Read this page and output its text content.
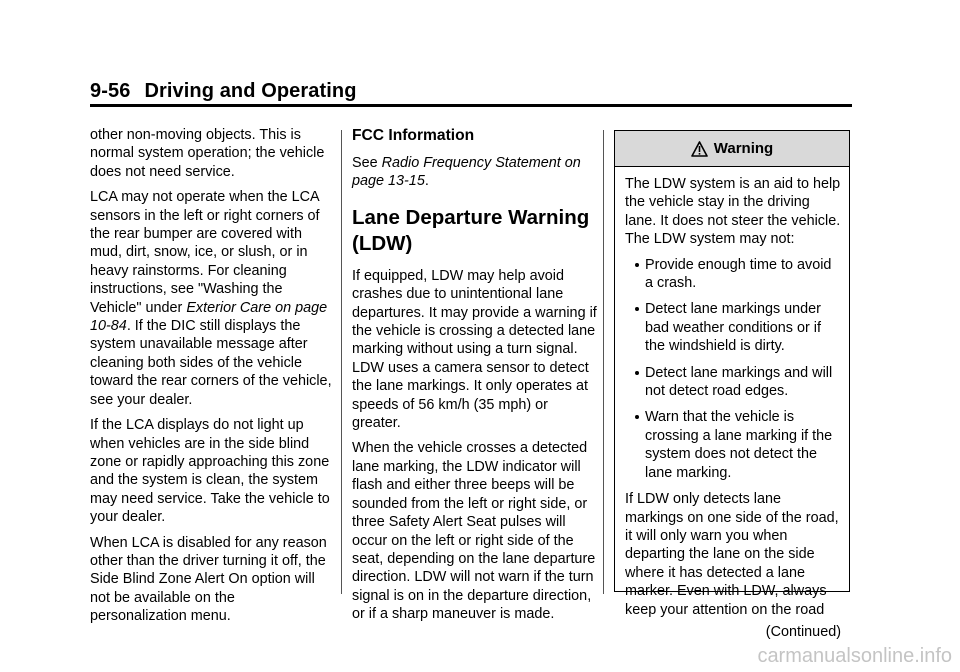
9-56 Driving and Operating

other non-moving objects. This is normal system operation; the vehicle does not need service.

LCA may not operate when the LCA sensors in the left or right corners of the rear bumper are covered with mud, dirt, snow, ice, or slush, or in heavy rainstorms. For cleaning instructions, see "Washing the Vehicle" under Exterior Care on page 10-84. If the DIC still displays the system unavailable message after cleaning both sides of the vehicle toward the rear corners of the vehicle, see your dealer.

If the LCA displays do not light up when vehicles are in the side blind zone or rapidly approaching this zone and the system is clean, the system may need service. Take the vehicle to your dealer.

When LCA is disabled for any reason other than the driver turning it off, the Side Blind Zone Alert On option will not be available on the personalization menu.

FCC Information

See Radio Frequency Statement on page 13-15.

Lane Departure Warning (LDW)

If equipped, LDW may help avoid crashes due to unintentional lane departures. It may provide a warning if the vehicle is crossing a detected lane marking without using a turn signal. LDW uses a camera sensor to detect the lane markings. It only operates at speeds of 56 km/h (35 mph) or greater.

When the vehicle crosses a detected lane marking, the LDW indicator will flash and either three beeps will be sounded from the left or right side, or three Safety Alert Seat pulses will occur on the left or right side of the seat, depending on the lane departure direction. LDW will not warn if the turn signal is on in the departure direction, or if a sharp maneuver is made.

Warning

The LDW system is an aid to help the vehicle stay in the driving lane. It does not steer the vehicle. The LDW system may not:

Provide enough time to avoid a crash.
Detect lane markings under bad weather conditions or if the windshield is dirty.
Detect lane markings and will not detect road edges.
Warn that the vehicle is crossing a lane marking if the system does not detect the lane marking.

If LDW only detects lane markings on one side of the road, it will only warn you when departing the lane on the side where it has detected a lane marker. Even with LDW, always keep your attention on the road

(Continued)
carmanualsonline.info
